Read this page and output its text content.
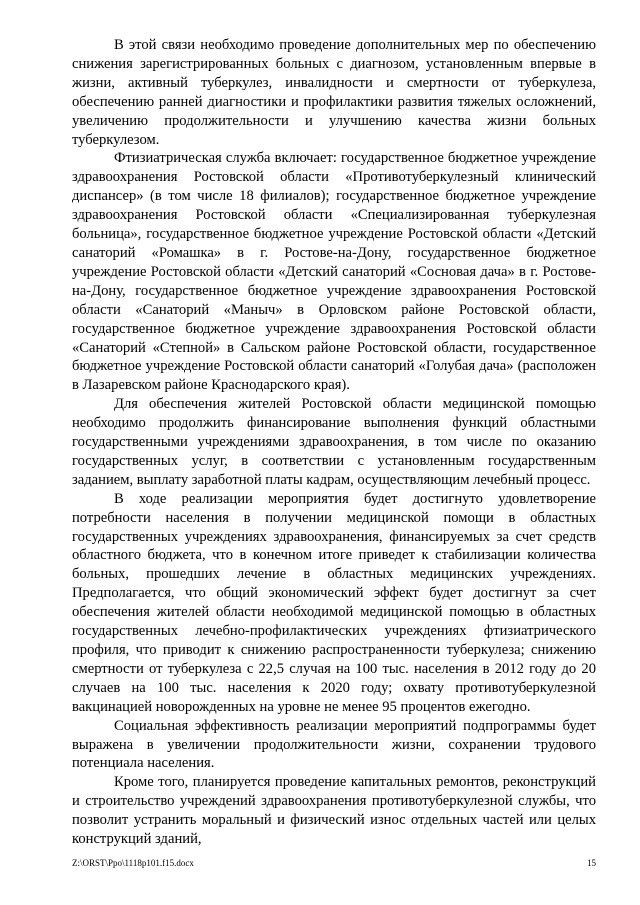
В этой связи необходимо проведение дополнительных мер по обеспечению снижения зарегистрированных больных с диагнозом, установленным впервые в жизни, активный туберкулез, инвалидности и смертности от туберкулеза, обеспечению ранней диагностики и профилактики развития тяжелых осложнений, увеличению продолжительности и улучшению качества жизни больных туберкулезом.

Фтизиатрическая служба включает: государственное бюджетное учреждение здравоохранения Ростовской области «Противотуберкулезный клинический диспансер» (в том числе 18 филиалов); государственное бюджетное учреждение здравоохранения Ростовской области «Специализированная туберкулезная больница», государственное бюджетное учреждение Ростовской области «Детский санаторий «Ромашка» в г. Ростове-на-Дону, государственное бюджетное учреждение Ростовской области «Детский санаторий «Сосновая дача» в г. Ростове-на-Дону, государственное бюджетное учреждение здравоохранения Ростовской области «Санаторий «Маныч» в Орловском районе Ростовской области, государственное бюджетное учреждение здравоохранения Ростовской области «Санаторий «Степной» в Сальском районе Ростовской области, государственное бюджетное учреждение Ростовской области санаторий «Голубая дача» (расположен в Лазаревском районе Краснодарского края).

Для обеспечения жителей Ростовской области медицинской помощью необходимо продолжить финансирование выполнения функций областными государственными учреждениями здравоохранения, в том числе по оказанию государственных услуг, в соответствии с установленным государственным заданием, выплату заработной платы кадрам, осуществляющим лечебный процесс.

В ходе реализации мероприятия будет достигнуто удовлетворение потребности населения в получении медицинской помощи в областных государственных учреждениях здравоохранения, финансируемых за счет средств областного бюджета, что в конечном итоге приведет к стабилизации количества больных, прошедших лечение в областных медицинских учреждениях. Предполагается, что общий экономический эффект будет достигнут за счет обеспечения жителей области необходимой медицинской помощью в областных государственных лечебно-профилактических учреждениях фтизиатрического профиля, что приводит к снижению распространенности туберкулеза; снижению смертности от туберкулеза с 22,5 случая на 100 тыс. населения в 2012 году до 20 случаев на 100 тыс. населения к 2020 году; охвату противотуберкулезной вакцинацией новорожденных на уровне не менее 95 процентов ежегодно.

Социальная эффективность реализации мероприятий подпрограммы будет выражена в увеличении продолжительности жизни, сохранении трудового потенциала населения.

Кроме того, планируется проведение капитальных ремонтов, реконструкций и строительство учреждений здравоохранения противотуберкулезной службы, что позволит устранить моральный и физический износ отдельных частей или целых конструкций зданий,

Z:\ORST\Ppo\1118p101.f15.docx	15
